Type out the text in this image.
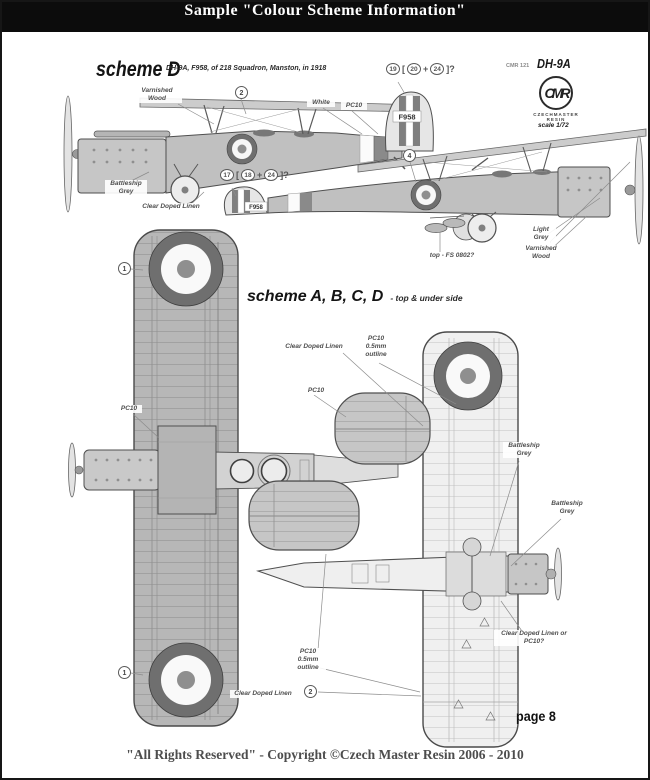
Sample "Colour Scheme Information"
F958
F958
scheme D
DH-9A, F958, of 218 Squadron, Manston, in 1918
scheme A, B, C, D - top & under side
CMR 121 DH-9A
CMR
CZECHMASTER
RESIN
scale 1/72
19 [ 20 + 24 ]?
17 [ 18 + 24 ]?
2
4
1
1
2
Varnished Wood
White	PC10
Battleship Grey
Clear Doped Linen
Light Grey
Varnished Wood
top - FS 0802?
Clear Doped Linen
PC10 0.5mm outline
PC10
PC10
Battleship Grey
Battleship Grey
Clear Doped Linen or PC10?
PC10 0.5mm outline
Clear Doped Linen
page 8
"All Rights Reserved" - Copyright ©Czech Master Resin 2006 - 2010
